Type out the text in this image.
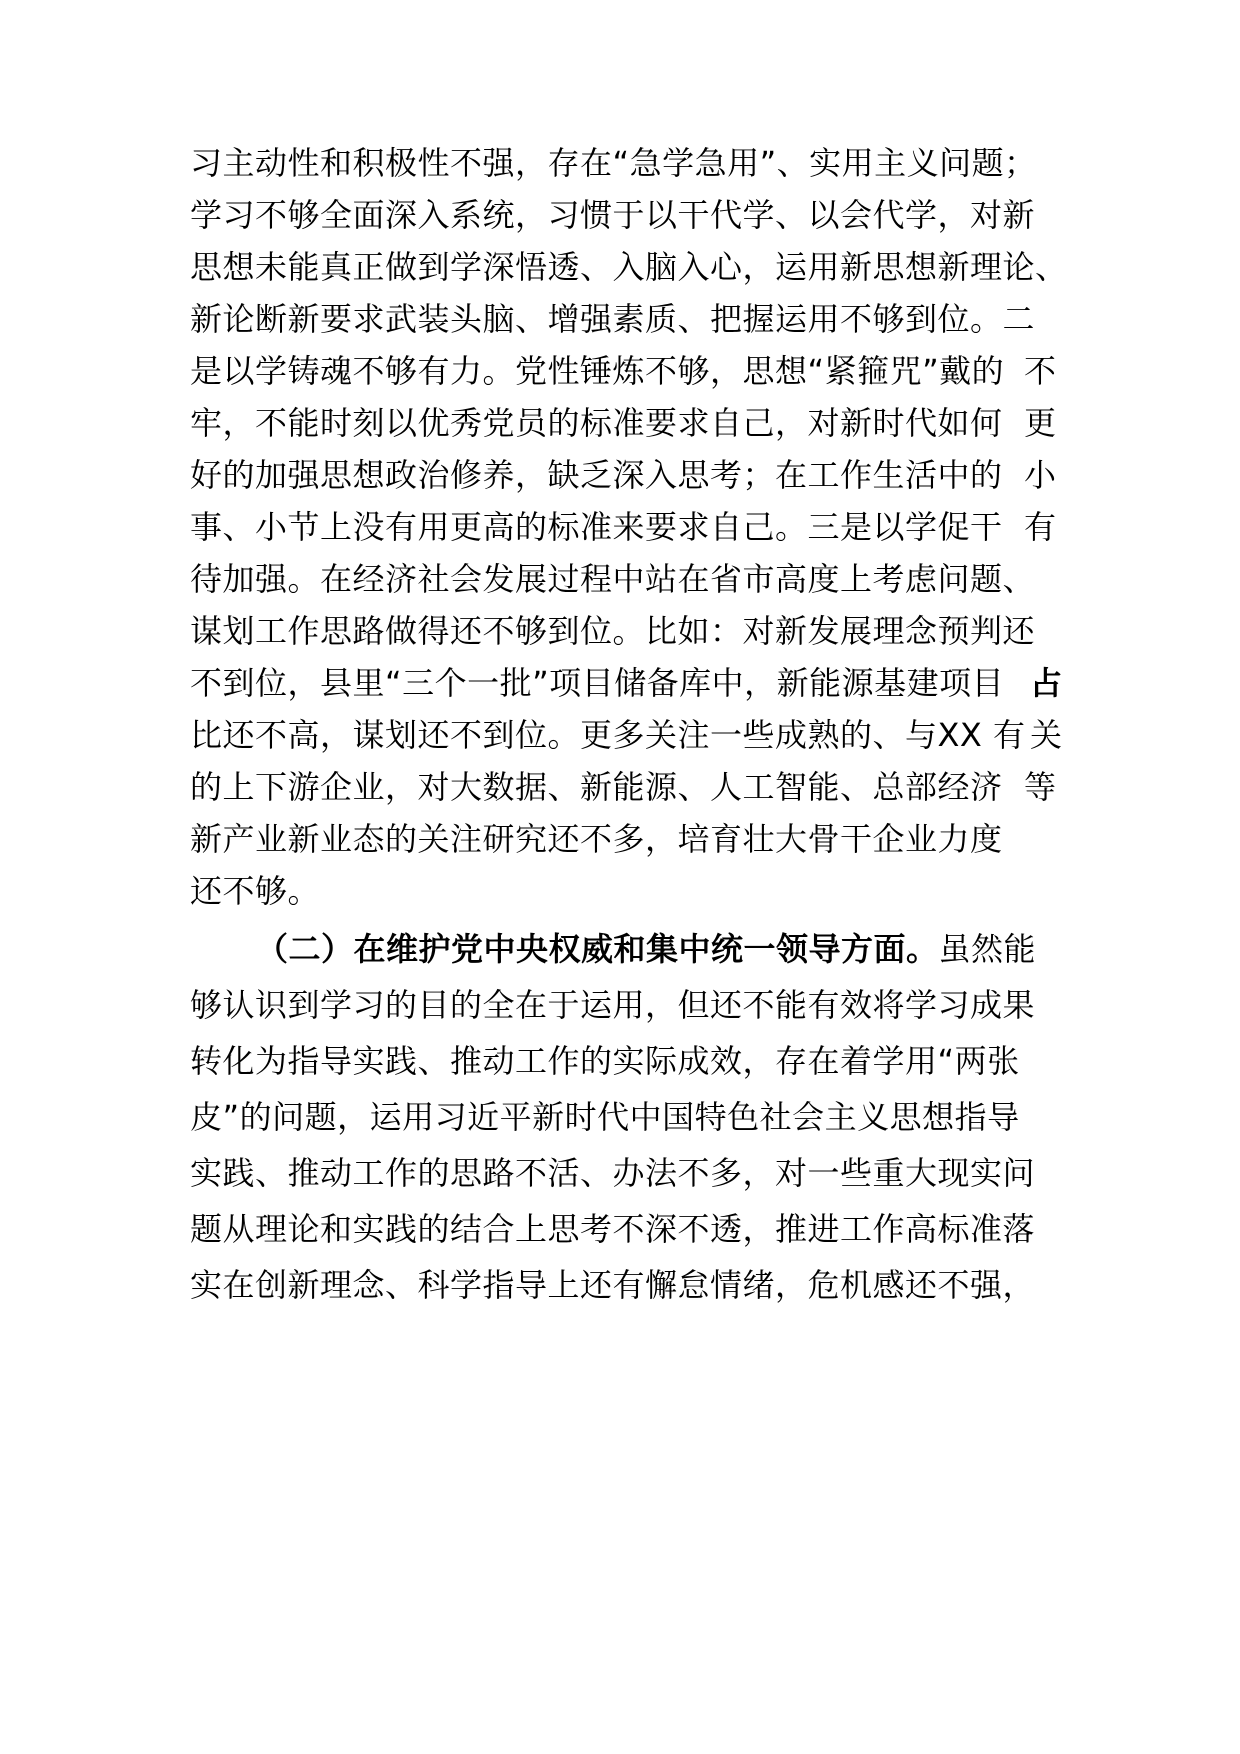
习主动性和积极性不强，存在“急学急用”、实用主义问题；
学习不够全面深入系统，习惯于以干代学、以会代学，对新
思想未能真正做到学深悟透、入脑入心，运用新思想新理论、
新论断新要求武装头脑、增强素质、把握运用不够到位。二
是以学铸魂不够有力。党性锤炼不够，思想“紧箍咒”戴的 不
牢，不能时刻以优秀党员的标准要求自己，对新时代如何 更
好的加强思想政治修养，缺乏深入思考；在工作生活中的 小
事、小节上没有用更高的标准来要求自己。三是以学促干 有
待加强。在经济社会发展过程中站在省市高度上考虑问题、
谋划工作思路做得还不够到位。比如：对新发展理念预判还
不到位，县里“三个一批”项目储备库中，新能源基建项目 占
比还不高，谋划还不到位。更多关注一些成熟的、与XX 有 关
的上下游企业，对大数据、新能源、人工智能、总部经济 等
新产业新业态的关注研究还不多，培育壮大骨干企业力度
还不够。
（二）在维护党中央权威和集中统一领导方面。虽然能
够认识到学习的目的全在于运用，但还不能有效将学习成果
转化为指导实践、推动工作的实际成效，存在着学用“两张
皮”的问题，运用习近平新时代中国特色社会主义思想指导
实践、推动工作的思路不活、办法不多，对一些重大现实问
题从理论和实践的结合上思考不深不透，推进工作高标准落
实在创新理念、科学指导上还有懈怠情绪，危机感还不强，
